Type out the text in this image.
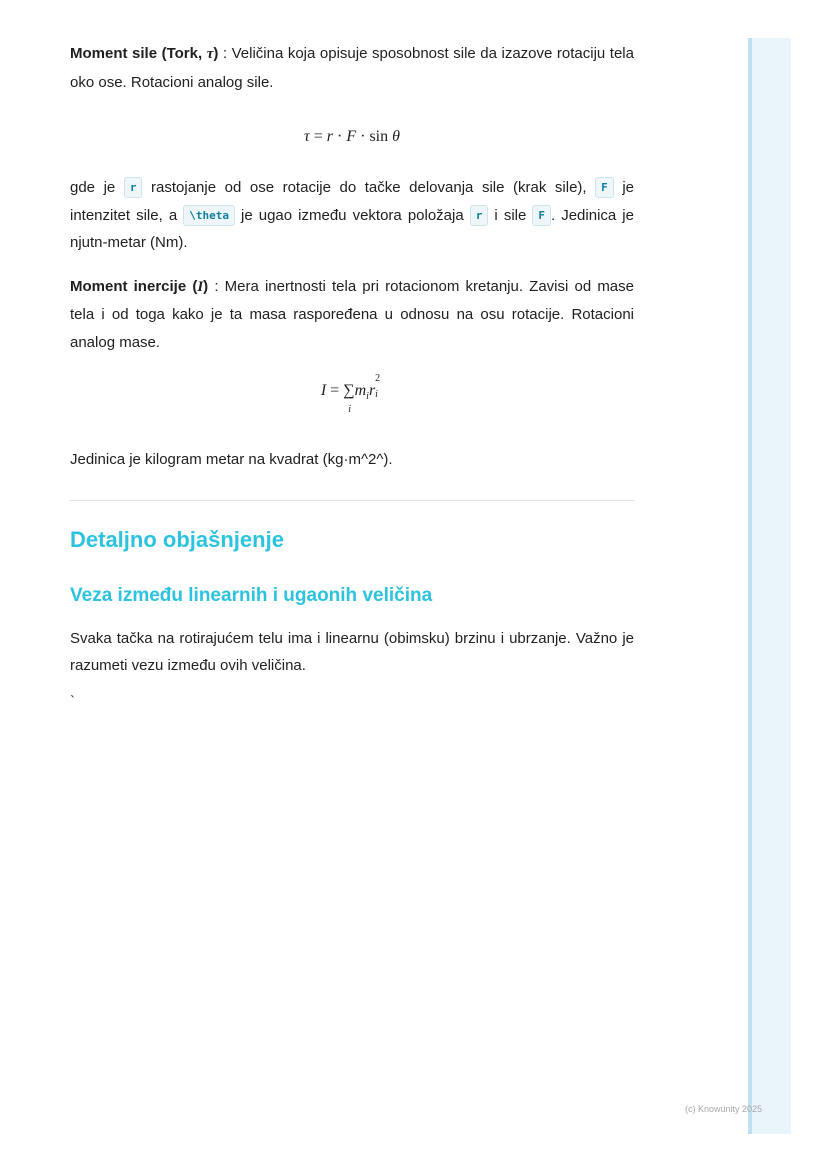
Moment sile (Tork, τ) : Veličina koja opisuje sposobnost sile da izazove rotaciju tela oko ose. Rotacioni analog sile.

τ = r · F · sin θ

gde je r rastojanje od ose rotacije do tačke delovanja sile (krak sile), F je intenzitet sile, a \theta je ugao između vektora položaja r i sile F . Jedinica je njutn-metar (Nm).

Moment inercije (I) : Mera inertnosti tela pri rotacionom kretanju. Zavisi od mase tela i od toga kako je ta masa raspoređena u odnosu na osu rotacije. Rotacioni analog mase.

I = ∑
i
$m_ir$
2
i

Jedinica je kilogram metar na kvadrat (kg·m^2^).

Detaljno objašnjenje
Veza između linearnih i ugaonih veličina

Svaka tačka na rotirajućem telu ima i linearnu (obimsku) brzinu i ubrzanje. Važno je razumeti vezu između ovih veličina.

`
(c) Knowunity 2025
